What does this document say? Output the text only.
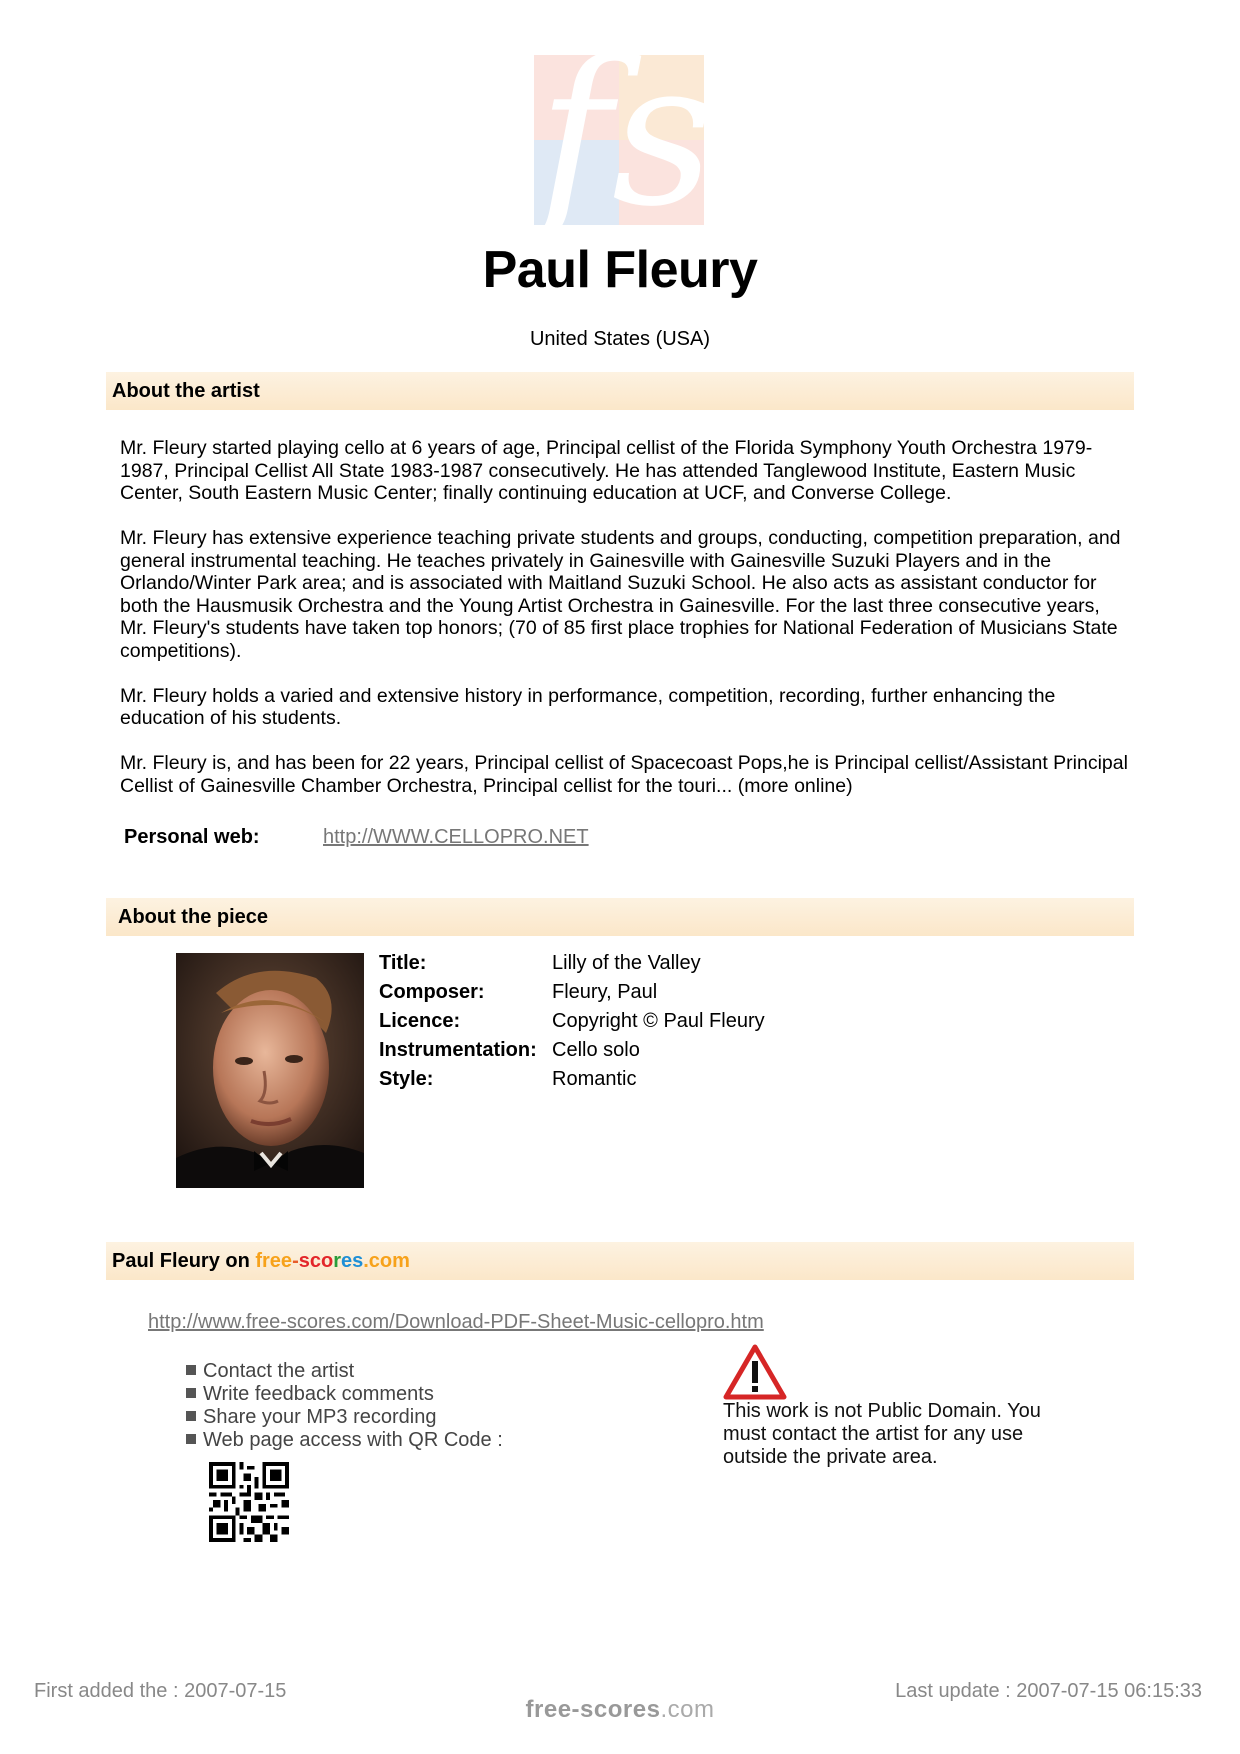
fs
Paul Fleury
United States (USA)
About the artist

Mr. Fleury started playing cello at 6 years of age, Principal cellist of the Florida Symphony Youth Orchestra 1979-1987, Principal Cellist All State 1983-1987 consecutively. He has attended Tanglewood Institute, Eastern Music Center, South Eastern Music Center; finally continuing education at UCF, and Converse College.

Mr. Fleury has extensive experience teaching private students and groups, conducting, competition preparation, and general instrumental teaching. He teaches privately in Gainesville with Gainesville Suzuki Players and in the Orlando/Winter Park area; and is associated with Maitland Suzuki School. He also acts as assistant conductor for both the Hausmusik Orchestra and the Young Artist Orchestra in Gainesville. For the last three consecutive years, Mr. Fleury's students have taken top honors; (70 of 85 first place trophies for National Federation of Musicians State competitions).

Mr. Fleury holds a varied and extensive history in performance, competition, recording, further enhancing the education of his students.

Mr. Fleury is, and has been for 22 years, Principal cellist of Spacecoast Pops,he is Principal cellist/Assistant Principal Cellist of Gainesville Chamber Orchestra, Principal cellist for the touri... (more online)

Personal web:	http://WWW.CELLOPRO.NET
About the piece
Title:	Lilly of the Valley
Composer:	Fleury, Paul
Licence:	Copyright © Paul Fleury
Instrumentation: Cello solo
Style:	Romantic
Paul Fleury on free-scores.com
http://www.free-scores.com/Download-PDF-Sheet-Music-cellopro.htm
Contact the artist
Write feedback comments
Share your MP3 recording
Web page access with QR Code :
This work is not Public Domain. You must contact the artist for any use outside the private area.
First added the : 2007-07-15	Last update : 2007-07-15 06:15:33
free-scores.com
